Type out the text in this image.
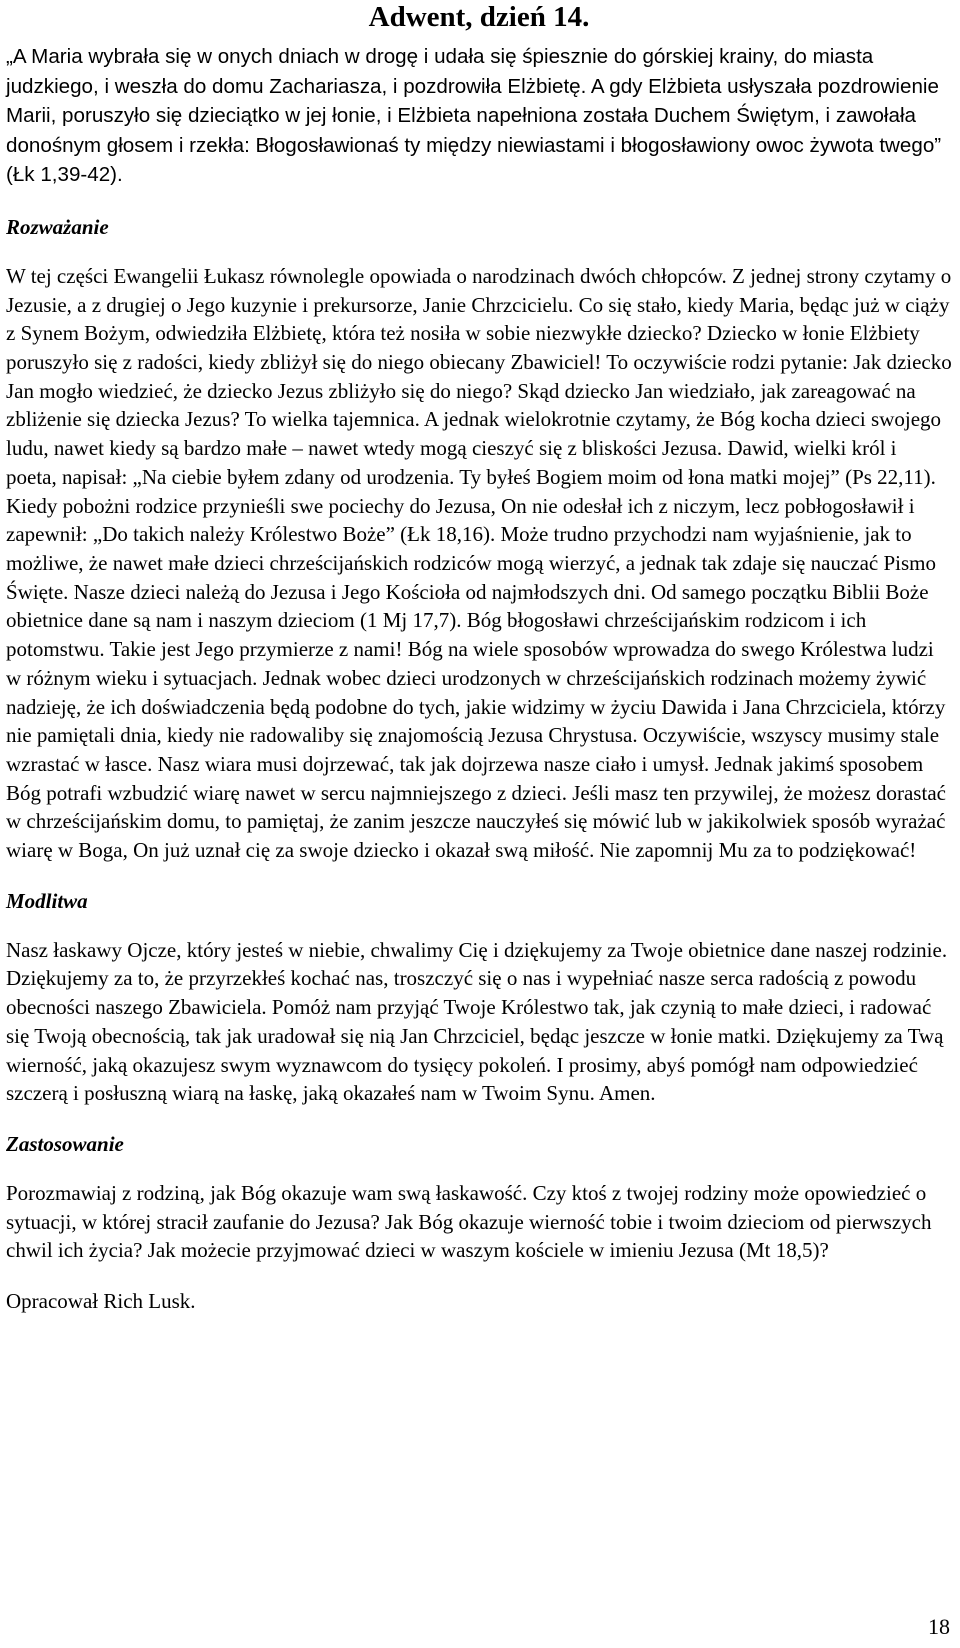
Adwent, dzień 14.

„A Maria wybrała się w onych dniach w drogę i udała się śpiesznie do górskiej krainy, do miasta judzkiego, i weszła do domu Zachariasza, i pozdrowiła Elżbietę. A gdy Elżbieta usłyszała pozdrowienie Marii, poruszyło się dzieciątko w jej łonie, i Elżbieta napełniona została Duchem Świętym, i zawołała donośnym głosem i rzekła: Błogosławionaś ty między niewiastami i błogosławiony owoc żywota twego” (Łk 1,39-42).

Rozważanie

W tej części Ewangelii Łukasz równolegle opowiada o narodzinach dwóch chłopców. Z jednej strony czytamy o Jezusie, a z drugiej o Jego kuzynie i prekursorze, Janie Chrzcicielu. Co się stało, kiedy Maria, będąc już w ciąży z Synem Bożym, odwiedziła Elżbietę, która też nosiła w sobie niezwykłe dziecko? Dziecko w łonie Elżbiety poruszyło się z radości, kiedy zbliżył się do niego obiecany Zbawiciel! To oczywiście rodzi pytanie: Jak dziecko Jan mogło wiedzieć, że dziecko Jezus zbliżyło się do niego? Skąd dziecko Jan wiedziało, jak zareagować na zbliżenie się dziecka Jezus? To wielka tajemnica. A jednak wielokrotnie czytamy, że Bóg kocha dzieci swojego ludu, nawet kiedy są bardzo małe – nawet wtedy mogą cieszyć się z bliskości Jezusa. Dawid, wielki król i poeta, napisał: „Na ciebie byłem zdany od urodzenia. Ty byłeś Bogiem moim od łona matki mojej” (Ps 22,11). Kiedy pobożni rodzice przynieśli swe pociechy do Jezusa, On nie odesłał ich z niczym, lecz pobłogosławił i zapewnił: „Do takich należy Królestwo Boże” (Łk 18,16). Może trudno przychodzi nam wyjaśnienie, jak to możliwe, że nawet małe dzieci chrześcijańskich rodziców mogą wierzyć, a jednak tak zdaje się nauczać Pismo Święte. Nasze dzieci należą do Jezusa i Jego Kościoła od najmłodszych dni. Od samego początku Biblii Boże obietnice dane są nam i naszym dzieciom (1 Mj 17,7). Bóg błogosławi chrześcijańskim rodzicom i ich potomstwu. Takie jest Jego przymierze z nami! Bóg na wiele sposobów wprowadza do swego Królestwa ludzi w różnym wieku i sytuacjach. Jednak wobec dzieci urodzonych w chrześcijańskich rodzinach możemy żywić nadzieję, że ich doświadczenia będą podobne do tych, jakie widzimy w życiu Dawida i Jana Chrzciciela, którzy nie pamiętali dnia, kiedy nie radowaliby się znajomością Jezusa Chrystusa. Oczywiście, wszyscy musimy stale wzrastać w łasce. Nasz wiara musi dojrzewać, tak jak dojrzewa nasze ciało i umysł. Jednak jakimś sposobem Bóg potrafi wzbudzić wiarę nawet w sercu najmniejszego z dzieci. Jeśli masz ten przywilej, że możesz dorastać w chrześcijańskim domu, to pamiętaj, że zanim jeszcze nauczyłeś się mówić lub w jakikolwiek sposób wyrażać wiarę w Boga, On już uznał cię za swoje dziecko i okazał swą miłość. Nie zapomnij Mu za to podziękować!

Modlitwa

Nasz łaskawy Ojcze, który jesteś w niebie, chwalimy Cię i dziękujemy za Twoje obietnice dane naszej rodzinie. Dziękujemy za to, że przyrzekłeś kochać nas, troszczyć się o nas i wypełniać nasze serca radością z powodu obecności naszego Zbawiciela. Pomóż nam przyjąć Twoje Królestwo tak, jak czynią to małe dzieci, i radować się Twoją obecnością, tak jak uradował się nią Jan Chrzciciel, będąc jeszcze w łonie matki. Dziękujemy za Twą wierność, jaką okazujesz swym wyznawcom do tysięcy pokoleń. I prosimy, abyś pomógł nam odpowiedzieć szczerą i posłuszną wiarą na łaskę, jaką okazałeś nam w Twoim Synu. Amen.

Zastosowanie

Porozmawiaj z rodziną, jak Bóg okazuje wam swą łaskawość. Czy ktoś z twojej rodziny może opowiedzieć o sytuacji, w której stracił zaufanie do Jezusa? Jak Bóg okazuje wierność tobie i twoim dzieciom od pierwszych chwil ich życia? Jak możecie przyjmować dzieci w waszym kościele w imieniu Jezusa (Mt 18,5)?

Opracował Rich Lusk.

18
